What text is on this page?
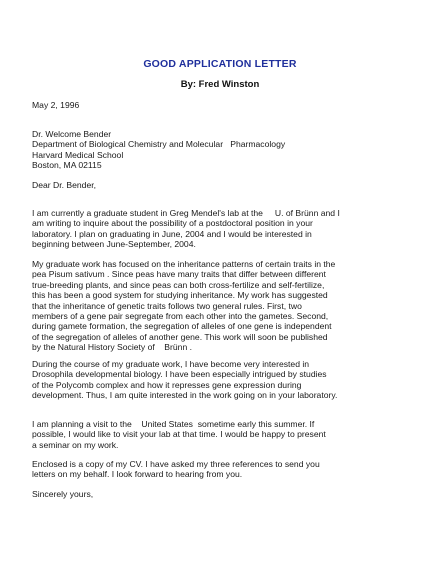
GOOD APPLICATION LETTER
By: Fred Winston
May 2, 1996
Dr. Welcome Bender
Department of Biological Chemistry and Molecular   Pharmacology
Harvard Medical School
Boston, MA 02115
Dear Dr. Bender,
I am currently a graduate student in Greg Mendel's lab at the     U. of Brünn and I
am writing to inquire about the possibility of a postdoctoral position in your
laboratory. I plan on graduating in June, 2004 and I would be interested in
beginning between June-September, 2004.
My graduate work has focused on the inheritance patterns of certain traits in the
pea Pisum sativum . Since peas have many traits that differ between different
true-breeding plants, and since peas can both cross-fertilize and self-fertilize,
this has been a good system for studying inheritance. My work has suggested
that the inheritance of genetic traits follows two general rules. First, two
members of a gene pair segregate from each other into the gametes. Second,
during gamete formation, the segregation of alleles of one gene is independent
of the segregation of alleles of another gene. This work will soon be published
by the Natural History Society of    Brünn .
During the course of my graduate work, I have become very interested in
Drosophila developmental biology. I have been especially intrigued by studies
of the Polycomb complex and how it represses gene expression during
development. Thus, I am quite interested in the work going on in your laboratory.
I am planning a visit to the    United States  sometime early this summer. If
possible, I would like to visit your lab at that time. I would be happy to present
a seminar on my work.
Enclosed is a copy of my CV. I have asked my three references to send you
letters on my behalf. I look forward to hearing from you.
Sincerely yours,
